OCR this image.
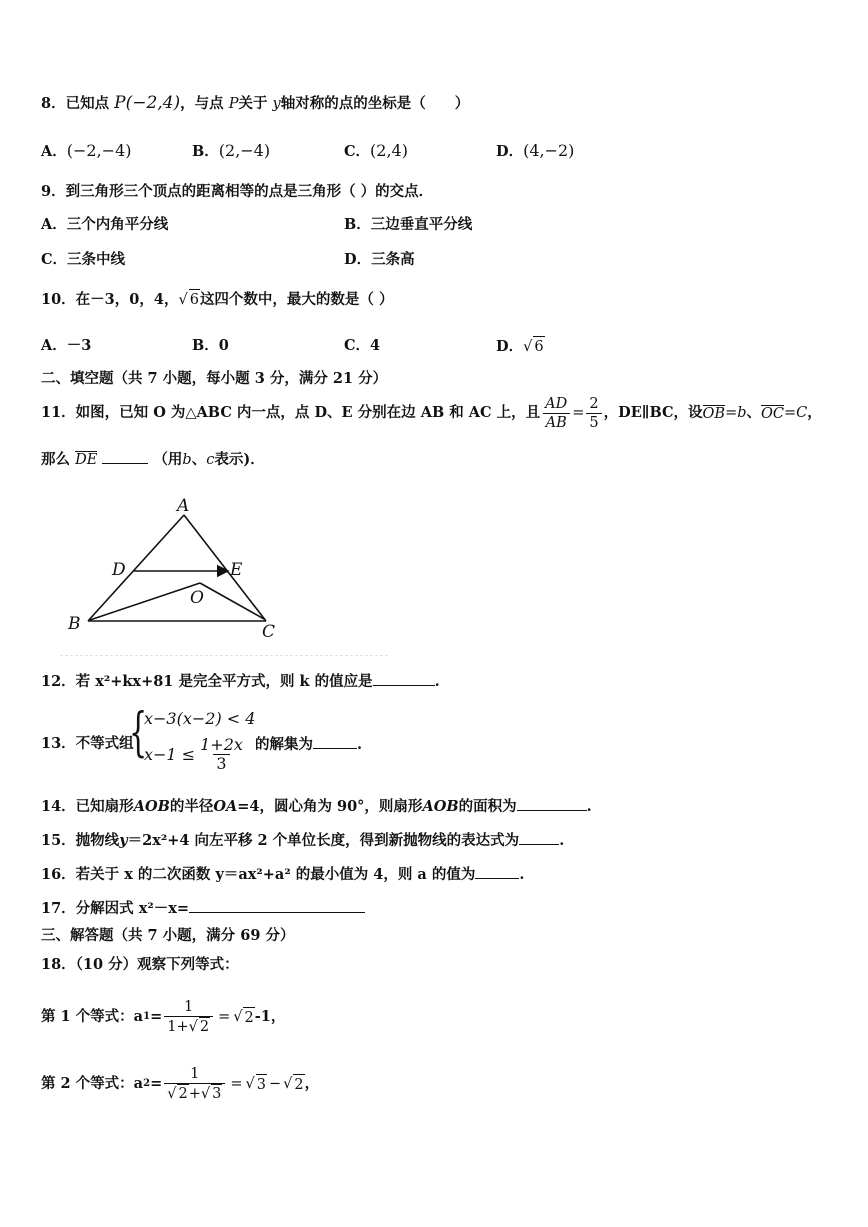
8．已知点 P(−2,4)，与点 P关于 y轴对称的点的坐标是（　　）
A．(−2,−4)	B．(2,−4)	C．(2,4)	D．(4,−2)
9．到三角形三个顶点的距离相等的点是三角形（ ）的交点．
A．三个内角平分线	B．三边垂直平分线
C．三条中线	D．三条高
10．在－3，0，4，√ 6这四个数中，最大的数是（ ）
A．－3	B．0	C．4	D．√ 6
二、填空题（共 7 小题，每小题 3 分，满分 21 分）
11．如图，已知 O 为△ABC 内一点，点 D、E 分别在边 AB 和 AC 上，且 $\frac{AD}{AB} = \frac{2}{5}$ ，DE∥BC，设 OB = b 、 OC = C ，
那么 DE	（用b、c表示)．
A
D	E
O
B	C
12．若 x²+kx+81 是完全平方式，则 k 的值应是	.
13．不等式组
{
x−3(x−2) < 4
$x-1 \le \frac{1+2x}{3}$ 的解集为	.
14．已知扇形AOB的半径OA=4，圆心角为 90°，则扇形AOB的面积为	.
15．抛物线y＝2x²+4 向左平移 2 个单位长度，得到新抛物线的表达式为	.
16．若关于 x 的二次函数 y＝ax²+a² 的最小值为 4，则 a 的值为	.
17．分解因式 x²－x=
三、解答题（共 7 小题，满分 69 分）
18．（10 分）观察下列等式：
第 1 个等式：a $1 = \frac{1}{1+√ 2}$ = √ 2 -1，
第 2 个等式：a $2 = \frac{1}{√ 2+√ 3}$ = √ 3 − √ 2 ，
